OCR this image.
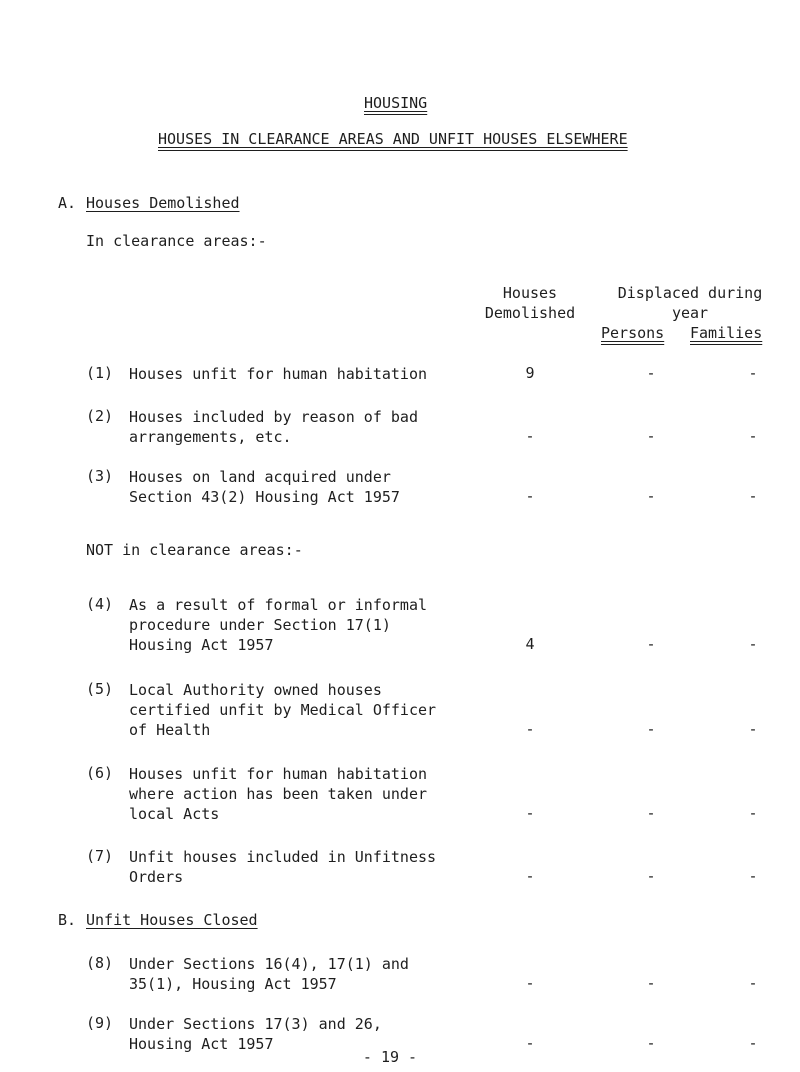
HOUSING
HOUSES IN CLEARANCE AREAS AND UNFIT HOUSES ELSEWHERE
A. Houses Demolished
In clearance areas:-
Houses
Demolished
Displaced during
year
Persons Families
(1) Houses unfit for human habitation	9	-	-
(2) Houses included by reason of bad
arrangements, etc.	-	-	-
(3) Houses on land acquired under
Section 43(2) Housing Act 1957	-	-	-
NOT in clearance areas:-
(4) As a result of formal or informal
procedure under Section 17(1)
Housing Act 1957	4	-	-
(5) Local Authority owned houses
certified unfit by Medical Officer
of Health	-	-	-
(6) Houses unfit for human habitation
where action has been taken under
local Acts	-	-	-
(7) Unfit houses included in Unfitness
Orders	-	-	-
B. Unfit Houses Closed
(8) Under Sections 16(4), 17(1) and
35(1), Housing Act 1957	-	-	-
(9) Under Sections 17(3) and 26,
Housing Act 1957	-	-	-
- 19 -
